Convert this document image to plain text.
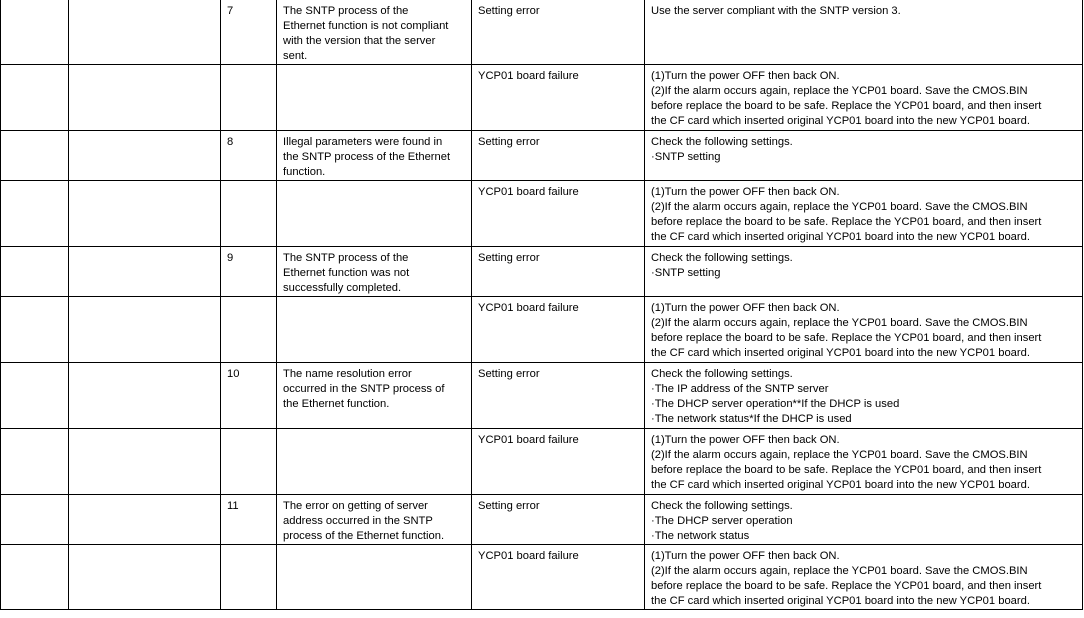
		7	The SNTP process of the
Ethernet function is not compliant
with the version that the server
sent.	Setting error	Use the server compliant with the SNTP version 3.

				YCP01 board failure	(1)Turn the power OFF then back ON.
(2)If the alarm occurs again, replace the YCP01 board. Save the CMOS.BIN
before replace the board to be safe. Replace the YCP01 board, and then insert
the CF card which inserted original YCP01 board into the new YCP01 board.

		8	Illegal parameters were found in
the SNTP process of the Ethernet
function.	Setting error	Check the following settings.
·SNTP setting

				YCP01 board failure	(1)Turn the power OFF then back ON.
(2)If the alarm occurs again, replace the YCP01 board. Save the CMOS.BIN
before replace the board to be safe. Replace the YCP01 board, and then insert
the CF card which inserted original YCP01 board into the new YCP01 board.

		9	The SNTP process of the
Ethernet function was not
successfully completed.	Setting error	Check the following settings.
·SNTP setting

				YCP01 board failure	(1)Turn the power OFF then back ON.
(2)If the alarm occurs again, replace the YCP01 board. Save the CMOS.BIN
before replace the board to be safe. Replace the YCP01 board, and then insert
the CF card which inserted original YCP01 board into the new YCP01 board.

		10	The name resolution error
occurred in the SNTP process of
the Ethernet function.	Setting error	Check the following settings.
·The IP address of the SNTP server
·The DHCP server operation**If the DHCP is used
·The network status*If the DHCP is used

				YCP01 board failure	(1)Turn the power OFF then back ON.
(2)If the alarm occurs again, replace the YCP01 board. Save the CMOS.BIN
before replace the board to be safe. Replace the YCP01 board, and then insert
the CF card which inserted original YCP01 board into the new YCP01 board.

		11	The error on getting of server
address occurred in the SNTP
process of the Ethernet function.	Setting error	Check the following settings.
·The DHCP server operation
·The network status

				YCP01 board failure	(1)Turn the power OFF then back ON.
(2)If the alarm occurs again, replace the YCP01 board. Save the CMOS.BIN
before replace the board to be safe. Replace the YCP01 board, and then insert
the CF card which inserted original YCP01 board into the new YCP01 board.
